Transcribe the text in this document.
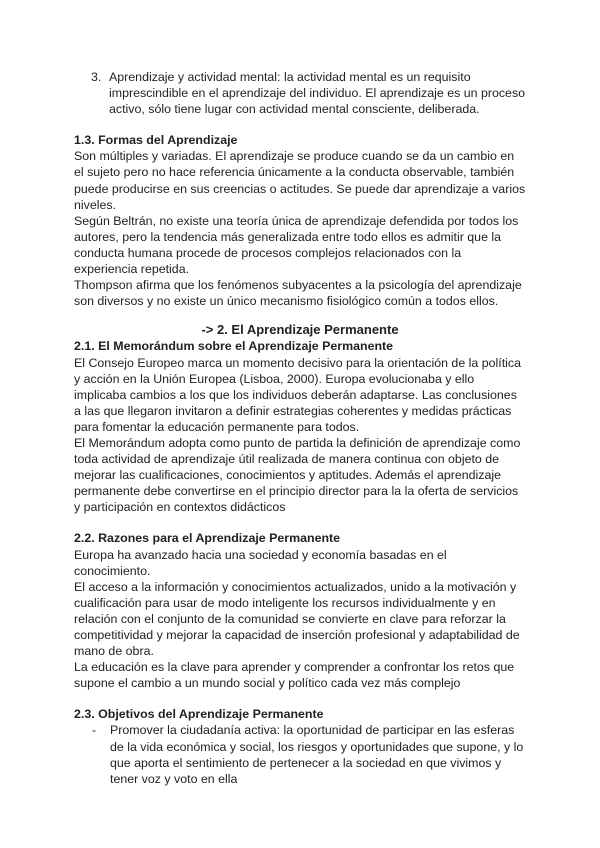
3. Aprendizaje y actividad mental: la actividad mental es un requisito imprescindible en el aprendizaje del individuo. El aprendizaje es un proceso activo, sólo tiene lugar con actividad mental consciente, deliberada.
1.3. Formas del Aprendizaje

Son múltiples y variadas. El aprendizaje se produce cuando se da un cambio en el sujeto pero no hace referencia únicamente a la conducta observable, también puede producirse en sus creencias o actitudes. Se puede dar aprendizaje a varios niveles.

Según Beltrán, no existe una teoría única de aprendizaje defendida por todos los autores, pero la tendencia más generalizada entre todo ellos es admitir que la conducta humana procede de procesos complejos relacionados con la experiencia repetida.

Thompson afirma que los fenómenos subyacentes a la psicología del aprendizaje son diversos y no existe un único mecanismo fisiológico común a todos ellos.

-> 2. El Aprendizaje Permanente
2.1. El Memorándum sobre el Aprendizaje Permanente

El Consejo Europeo marca un momento decisivo para la orientación de la política y acción en la Unión Europea (Lisboa, 2000). Europa evolucionaba y ello implicaba cambios a los que los individuos deberán adaptarse. Las conclusiones a las que llegaron invitaron a definir estrategias coherentes y medidas prácticas para fomentar la educación permanente para todos.

El Memorándum adopta como punto de partida la definición de aprendizaje como toda actividad de aprendizaje útil realizada de manera continua con objeto de mejorar las cualificaciones, conocimientos y aptitudes. Además el aprendizaje permanente debe convertirse en el principio director para la la oferta de servicios y participación en contextos didácticos

2.2. Razones para el Aprendizaje Permanente

Europa ha avanzado hacia una sociedad y economía basadas en el conocimiento.

El acceso a la información y conocimientos actualizados, unido a la motivación y cualificación para usar de modo inteligente los recursos individualmente y en relación con el conjunto de la comunidad se convierte en clave para reforzar la competitividad y mejorar la capacidad de inserción profesional y adaptabilidad de mano de obra.

La educación es la clave para aprender y comprender a confrontar los retos que supone el cambio a un mundo social y político cada vez más complejo

2.3. Objetivos del Aprendizaje Permanente
-	Promover la ciudadanía activa: la oportunidad de participar en las esferas de la vida económica y social, los riesgos y oportunidades que supone, y lo que aporta el sentimiento de pertenecer a la sociedad en que vivimos y tener voz y voto en ella
